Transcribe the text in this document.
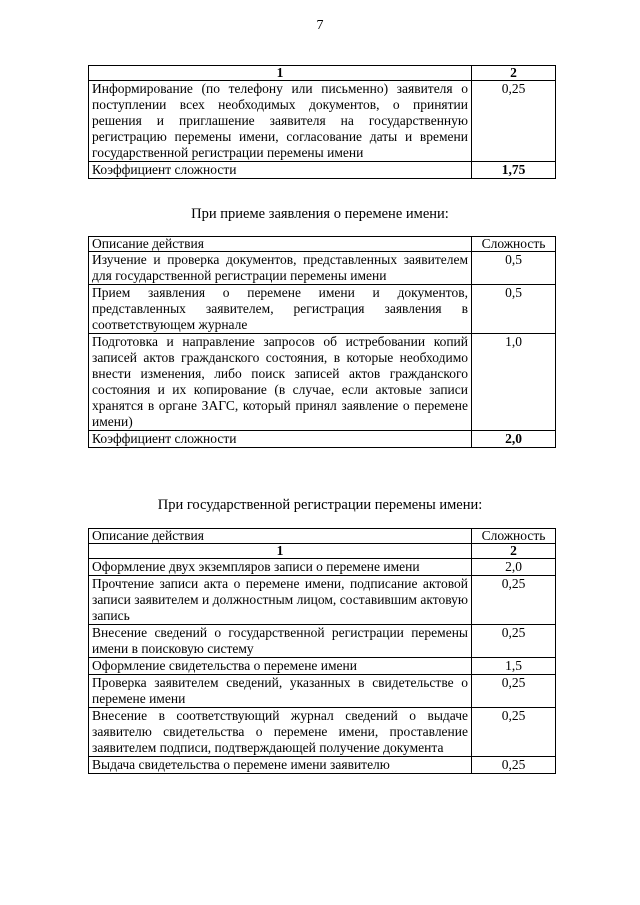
7
1	2
Информирование (по телефону или письменно) заявителя о поступлении всех необходимых документов, о принятии решения и приглашение заявителя на государственную регистрацию перемены имени, согласование даты и времени государственной регистрации перемены имени	0,25
Коэффициент сложности	1,75
При приеме заявления о перемене имени:
Описание действия	Сложность
Изучение и проверка документов, представленных заявителем для государственной регистрации перемены имени	0,5
Прием заявления о перемене имени и документов, представленных заявителем, регистрация заявления в соответствующем журнале	0,5
Подготовка и направление запросов об истребовании копий записей актов гражданского состояния, в которые необходимо внести изменения, либо поиск записей актов гражданского состояния и их копирование (в случае, если актовые записи хранятся в органе ЗАГС, который принял заявление о перемене имени)	1,0
Коэффициент сложности	2,0
При государственной регистрации перемены имени:
Описание действия	Сложность
1	2
Оформление двух экземпляров записи о перемене имени	2,0
Прочтение записи акта о перемене имени, подписание актовой записи заявителем и должностным лицом, составившим актовую запись	0,25
Внесение сведений о государственной регистрации перемены имени в поисковую систему	0,25
Оформление свидетельства о перемене имени	1,5
Проверка заявителем сведений, указанных в свидетельстве о перемене имени	0,25
Внесение в соответствующий журнал сведений о выдаче заявителю свидетельства о перемене имени, проставление заявителем подписи, подтверждающей получение документа	0,25
Выдача свидетельства о перемене имени заявителю	0,25
